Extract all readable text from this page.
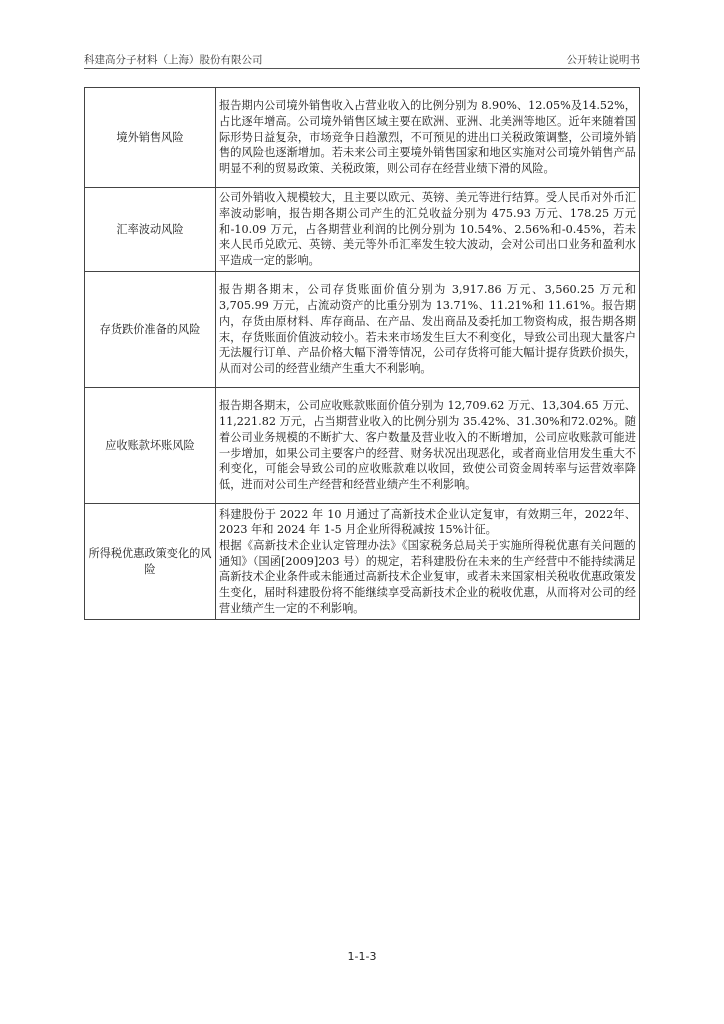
科建高分子材料（上海）股份有限公司	公开转让说明书
境外销售风险	报告期内公司境外销售收入占营业收入的比例分别为 8.90%、12.05%及14.52%，占比逐年增高。公司境外销售区域主要在欧洲、亚洲、北美洲等地区。近年来随着国际形势日益复杂，市场竞争日趋激烈，不可预见的进出口关税政策调整，公司境外销售的风险也逐渐增加。若未来公司主要境外销售国家和地区实施对公司境外销售产品明显不利的贸易政策、关税政策，则公司存在经营业绩下滑的风险。

汇率波动风险	公司外销收入规模较大，且主要以欧元、英镑、美元等进行结算。受人民币对外币汇率波动影响，报告期各期公司产生的汇兑收益分别为 475.93 万元、178.25 万元和-10.09 万元，占各期营业利润的比例分别为 10.54%、2.56%和-0.45%，若未来人民币兑欧元、英镑、美元等外币汇率发生较大波动，会对公司出口业务和盈利水平造成一定的影响。

存货跌价准备的风险	报告期各期末，公司存货账面价值分别为 3,917.86 万元、3,560.25 万元和3,705.99 万元，占流动资产的比重分别为 13.71%、11.21%和 11.61%。报告期内，存货由原材料、库存商品、在产品、发出商品及委托加工物资构成，报告期各期末，存货账面价值波动较小。若未来市场发生巨大不利变化，导致公司出现大量客户无法履行订单、产品价格大幅下滑等情况，公司存货将可能大幅计提存货跌价损失，从而对公司的经营业绩产生重大不利影响。

应收账款坏账风险	报告期各期末，公司应收账款账面价值分别为 12,709.62 万元、13,304.65 万元、11,221.82 万元，占当期营业收入的比例分别为 35.42%、31.30%和72.02%。随着公司业务规模的不断扩大、客户数量及营业收入的不断增加，公司应收账款可能进一步增加，如果公司主要客户的经营、财务状况出现恶化，或者商业信用发生重大不利变化，可能会导致公司的应收账款难以收回，致使公司资金周转率与运营效率降低，进而对公司生产经营和经营业绩产生不利影响。

所得税优惠政策变化的风险	科建股份于 2022 年 10 月通过了高新技术企业认定复审，有效期三年，2022年、2023 年和 2024 年 1-5 月企业所得税减按 15%计征。
根据《高新技术企业认定管理办法》《国家税务总局关于实施所得税优惠有关问题的通知》（国函[2009]203 号）的规定，若科建股份在未来的生产经营中不能持续满足高新技术企业条件或未能通过高新技术企业复审，或者未来国家相关税收优惠政策发生变化，届时科建股份将不能继续享受高新技术企业的税收优惠，从而将对公司的经营业绩产生一定的不利影响。
1-1-3
